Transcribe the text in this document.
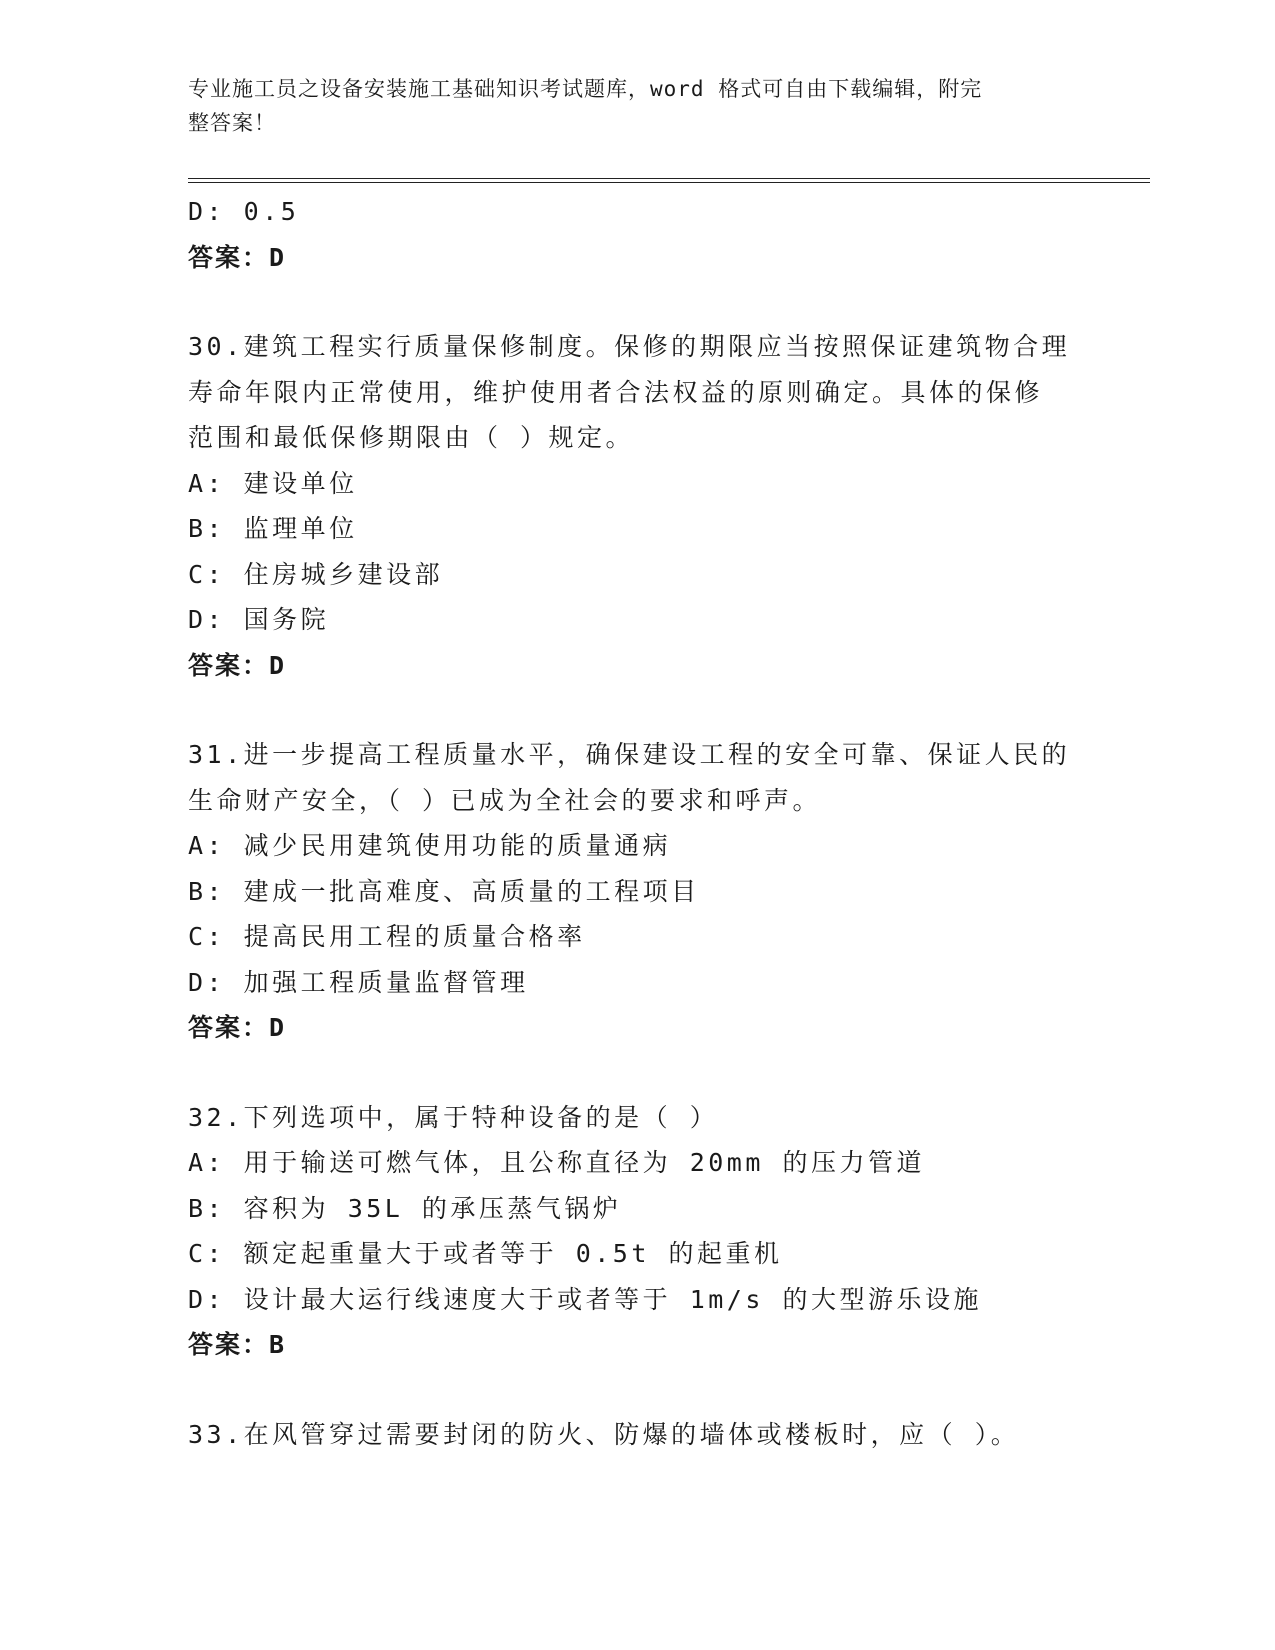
专业施工员之设备安装施工基础知识考试题库，word 格式可自由下载编辑，附完
整答案！
D: 0.5
答案：D
30.建筑工程实行质量保修制度。保修的期限应当按照保证建筑物合理
寿命年限内正常使用，维护使用者合法权益的原则确定。具体的保修
范围和最低保修期限由（ ）规定。
A: 建设单位
B: 监理单位
C: 住房城乡建设部
D: 国务院
答案：D
31.进一步提高工程质量水平，确保建设工程的安全可靠、保证人民的
生命财产安全，（ ）已成为全社会的要求和呼声。
A: 减少民用建筑使用功能的质量通病
B: 建成一批高难度、高质量的工程项目
C: 提高民用工程的质量合格率
D: 加强工程质量监督管理
答案：D
32.下列选项中，属于特种设备的是（ ）
A: 用于输送可燃气体，且公称直径为 20mm 的压力管道
B: 容积为 35L 的承压蒸气锅炉
C: 额定起重量大于或者等于 0.5t 的起重机
D: 设计最大运行线速度大于或者等于 1m/s 的大型游乐设施
答案：B
33.在风管穿过需要封闭的防火、防爆的墙体或楼板时，应（ ）。
